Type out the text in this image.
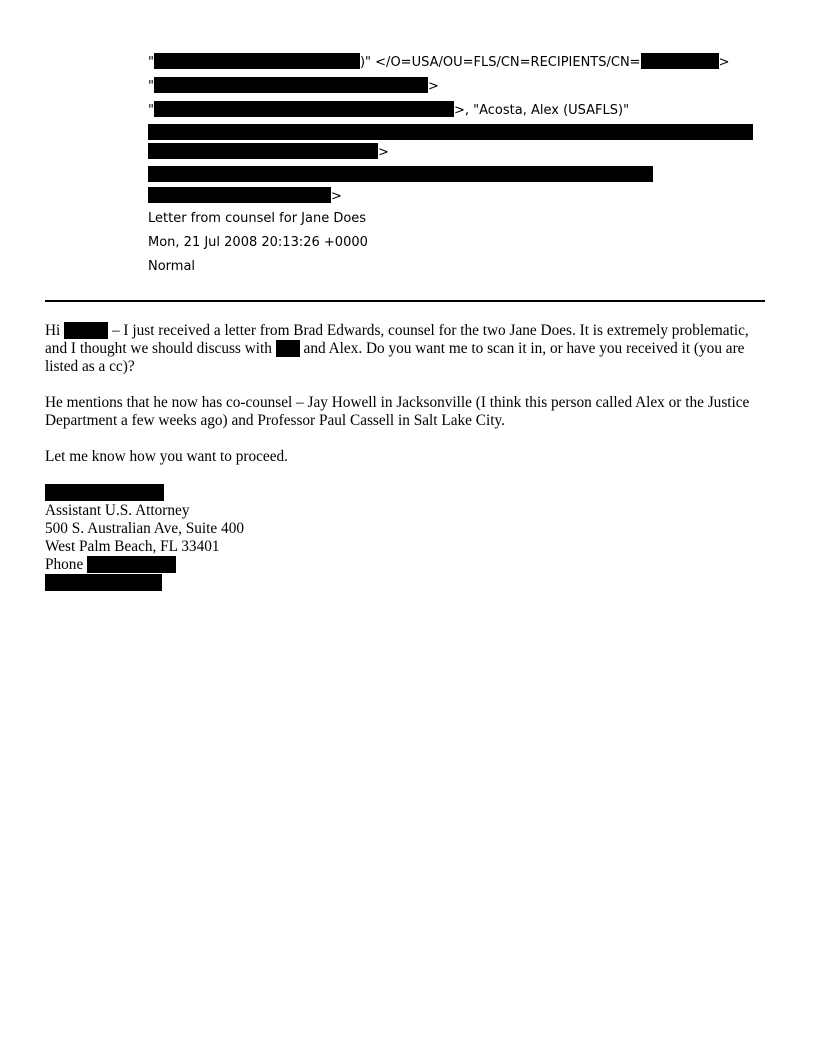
"	)" </O=USA/OU=FLS/CN=RECIPIENTS/CN=	>
"	>
"	>, "Acosta, Alex (USAFLS)"
>
>
Letter from counsel for Jane Does
Mon, 21 Jul 2008 20:13:26 +0000
Normal

Hi	– I just received a letter from Brad Edwards, counsel for the two Jane Does. It is extremely problematic, and I thought we should discuss with  and Alex. Do you want me to scan it in, or have you received it (you are listed as a cc)?

He mentions that he now has co-counsel – Jay Howell in Jacksonville (I think this person called Alex or the Justice Department a few weeks ago) and Professor Paul Cassell in Salt Lake City.

Let me know how you want to proceed.

Assistant U.S. Attorney
500 S. Australian Ave, Suite 400
West Palm Beach, FL 33401
Phone
